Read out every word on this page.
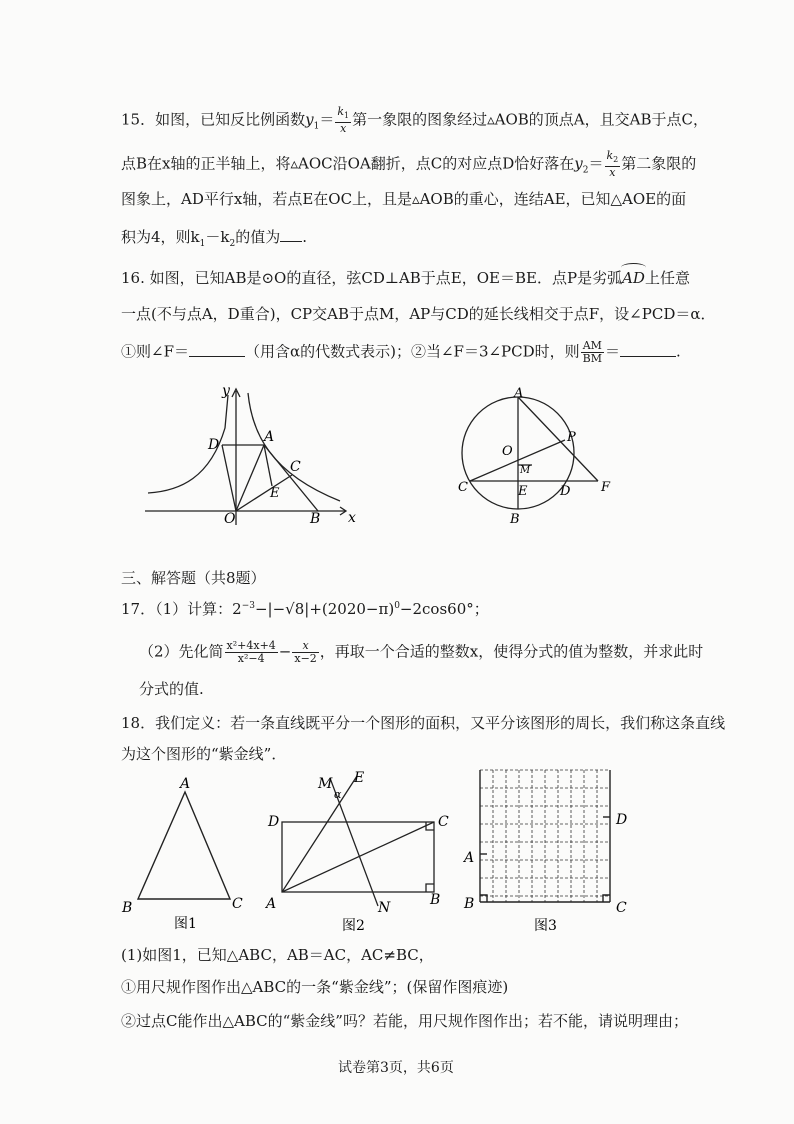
15．如图，已知反比例函数$y_1= \frac{k_1}{x}$ 第一象限的图象经过▵AOB的顶点A，且交AB于点C，
点B在x轴的正半轴上，将▵AOC沿OA翻折，点C的对应点D恰好落在$y_2= \frac{k_2}{x}$ 第二象限的
图象上，AD平行x轴，若点E在OC上，且是▵AOB的重心，连结AE，已知△AOE的面
积为4，则$k_1-k_2$的值为 .
16. 如图，已知AB是⊙O的直径，弦CD⊥AB于点E，OE＝BE．点P是劣弧
AD上任意
一点(不与点A，D重合)，CP交AB于点M，AP与CD的延长线相交于点F，设∠PCD＝α．
①则∠F＝	（用含α的代数式表示)；②当∠F＝3∠PCD时，则 $\frac{AM}{BM}$ ＝	.
y
x
O
A
B
C
D
E
A
O
P
M
C	E	D F
B
三、解答题（共8题）
17．（1）计算：$2^{-3}-|-√8|+(2020-\pi)^0-2\cos 60^\circ$；
（2）先化简 $\frac{\text{x²+4x+4}}{\text{x²−4}} - \frac{x}{x-2}$ ，再取一个合适的整数x，使得分式的值为整数，并求此时
分式的值.
18．我们定义：若一条直线既平分一个图形的面积，又平分该图形的周长，我们称这条直线
为这个图形的“紫金线”．
A
B	C
图1
M E
α
D	C
A	B
N
图2
D
A
B	C
图3
(1)如图1，已知△ABC，AB＝AC，AC≠BC，
①用尺规作图作出△ABC的一条“紫金线”；(保留作图痕迹)
②过点C能作出△ABC的“紫金线”吗？若能，用尺规作图作出；若不能，请说明理由；
试卷第3页，共6页
